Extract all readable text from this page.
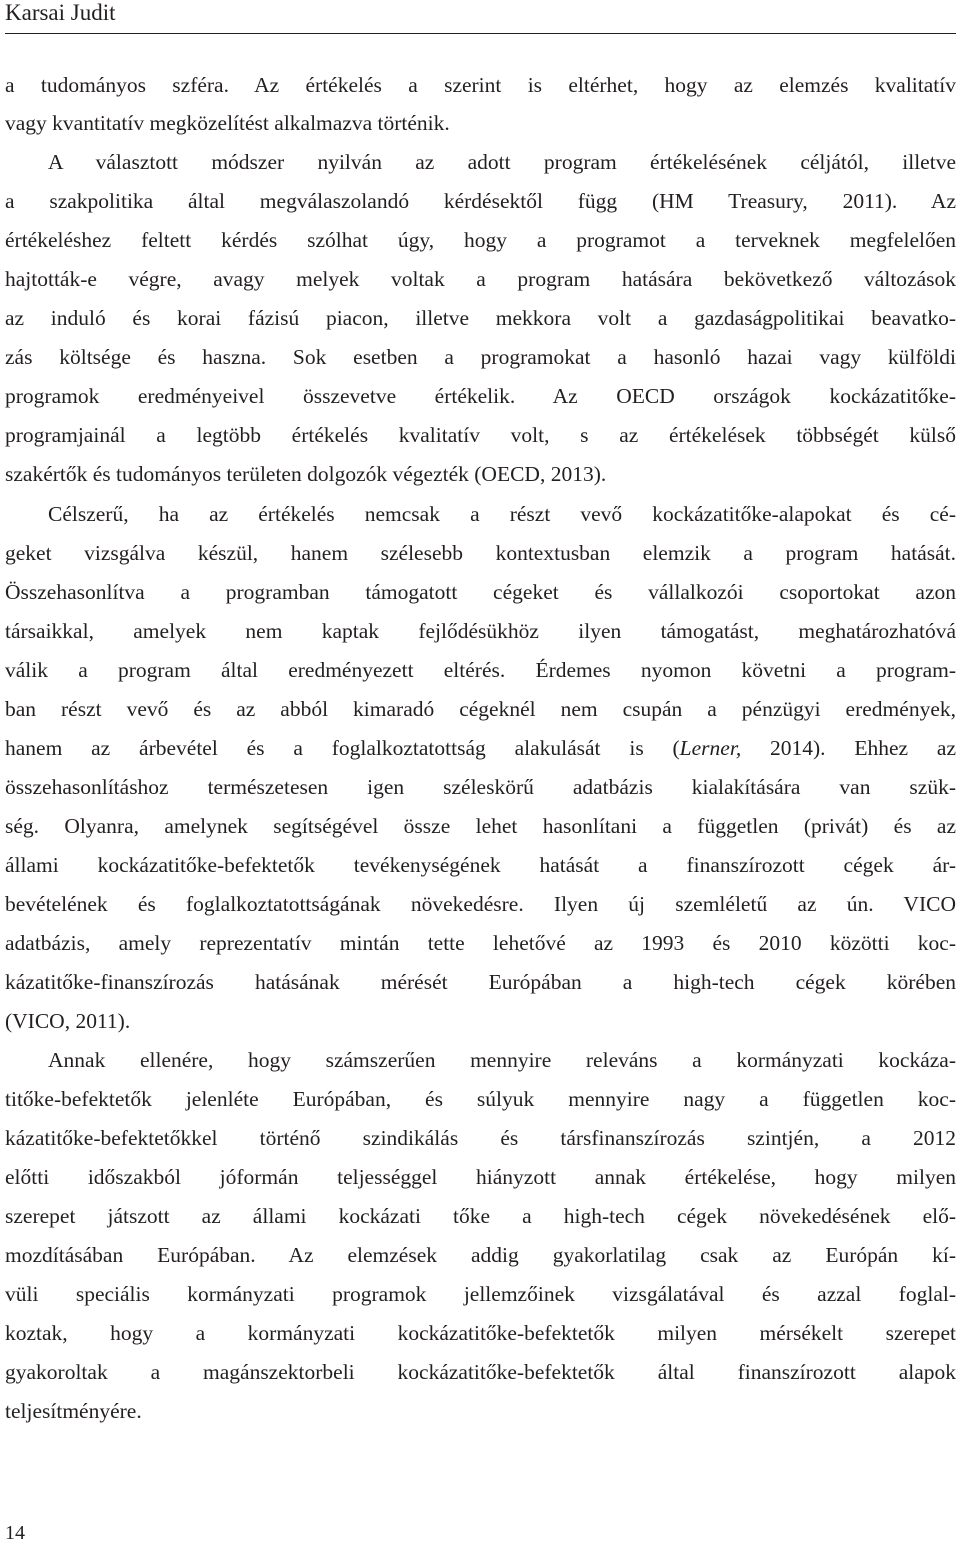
Karsai Judit
a tudományos szféra. Az értékelés a szerint is eltérhet, hogy az elemzés kvalitatív
vagy kvantitatív megközelítést alkalmazva történik.
A választott módszer nyilván az adott program értékelésének céljától, illetve
a szakpolitika által megválaszolandó kérdésektől függ (HM Treasury, 2011). Az
értékeléshez feltett kérdés szólhat úgy, hogy a programot a terveknek megfelelően
hajtották-e végre, avagy melyek voltak a program hatására bekövetkező változások
az induló és korai fázisú piacon, illetve mekkora volt a gazdaságpolitikai beavatko-
zás költsége és haszna. Sok esetben a programokat a hasonló hazai vagy külföldi
programok eredményeivel összevetve értékelik. Az OECD országok kockázatitőke-
programjainál a legtöbb értékelés kvalitatív volt, s az értékelések többségét külső
szakértők és tudományos területen dolgozók végezték (OECD, 2013).
Célszerű, ha az értékelés nemcsak a részt vevő kockázatitőke-alapokat és cé-
geket vizsgálva készül, hanem szélesebb kontextusban elemzik a program hatását.
Összehasonlítva a programban támogatott cégeket és vállalkozói csoportokat azon
társaikkal, amelyek nem kaptak fejlődésükhöz ilyen támogatást, meghatározhatóvá
válik a program által eredményezett eltérés. Érdemes nyomon követni a program-
ban részt vevő és az abból kimaradó cégeknél nem csupán a pénzügyi eredmények,
hanem az árbevétel és a foglalkoztatottság alakulását is (Lerner, 2014). Ehhez az
összehasonlításhoz természetesen igen széleskörű adatbázis kialakítására van szük-
ség. Olyanra, amelynek segítségével össze lehet hasonlítani a független (privát) és az
állami kockázatitőke-befektetők tevékenységének hatását a finanszírozott cégek ár-
bevételének és foglalkoztatottságának növekedésre. Ilyen új szemléletű az ún. VICO
adatbázis, amely reprezentatív mintán tette lehetővé az 1993 és 2010 közötti koc-
kázatitőke-finanszírozás hatásának mérését Európában a high-tech cégek körében
(VICO, 2011).
Annak ellenére, hogy számszerűen mennyire releváns a kormányzati kockáza-
titőke-befektetők jelenléte Európában, és súlyuk mennyire nagy a független koc-
kázatitőke-befektetőkkel történő szindikálás és társfinanszírozás szintjén, a 2012
előtti időszakból jóformán teljességgel hiányzott annak értékelése, hogy milyen
szerepet játszott az állami kockázati tőke a high-tech cégek növekedésének elő-
mozdításában Európában. Az elemzések addig gyakorlatilag csak az Európán kí-
vüli speciális kormányzati programok jellemzőinek vizsgálatával és azzal foglal-
koztak, hogy a kormányzati kockázatitőke-befektetők milyen mérsékelt szerepet
gyakoroltak a magánszektorbeli kockázatitőke-befektetők által finanszírozott alapok
teljesítményére.
14
